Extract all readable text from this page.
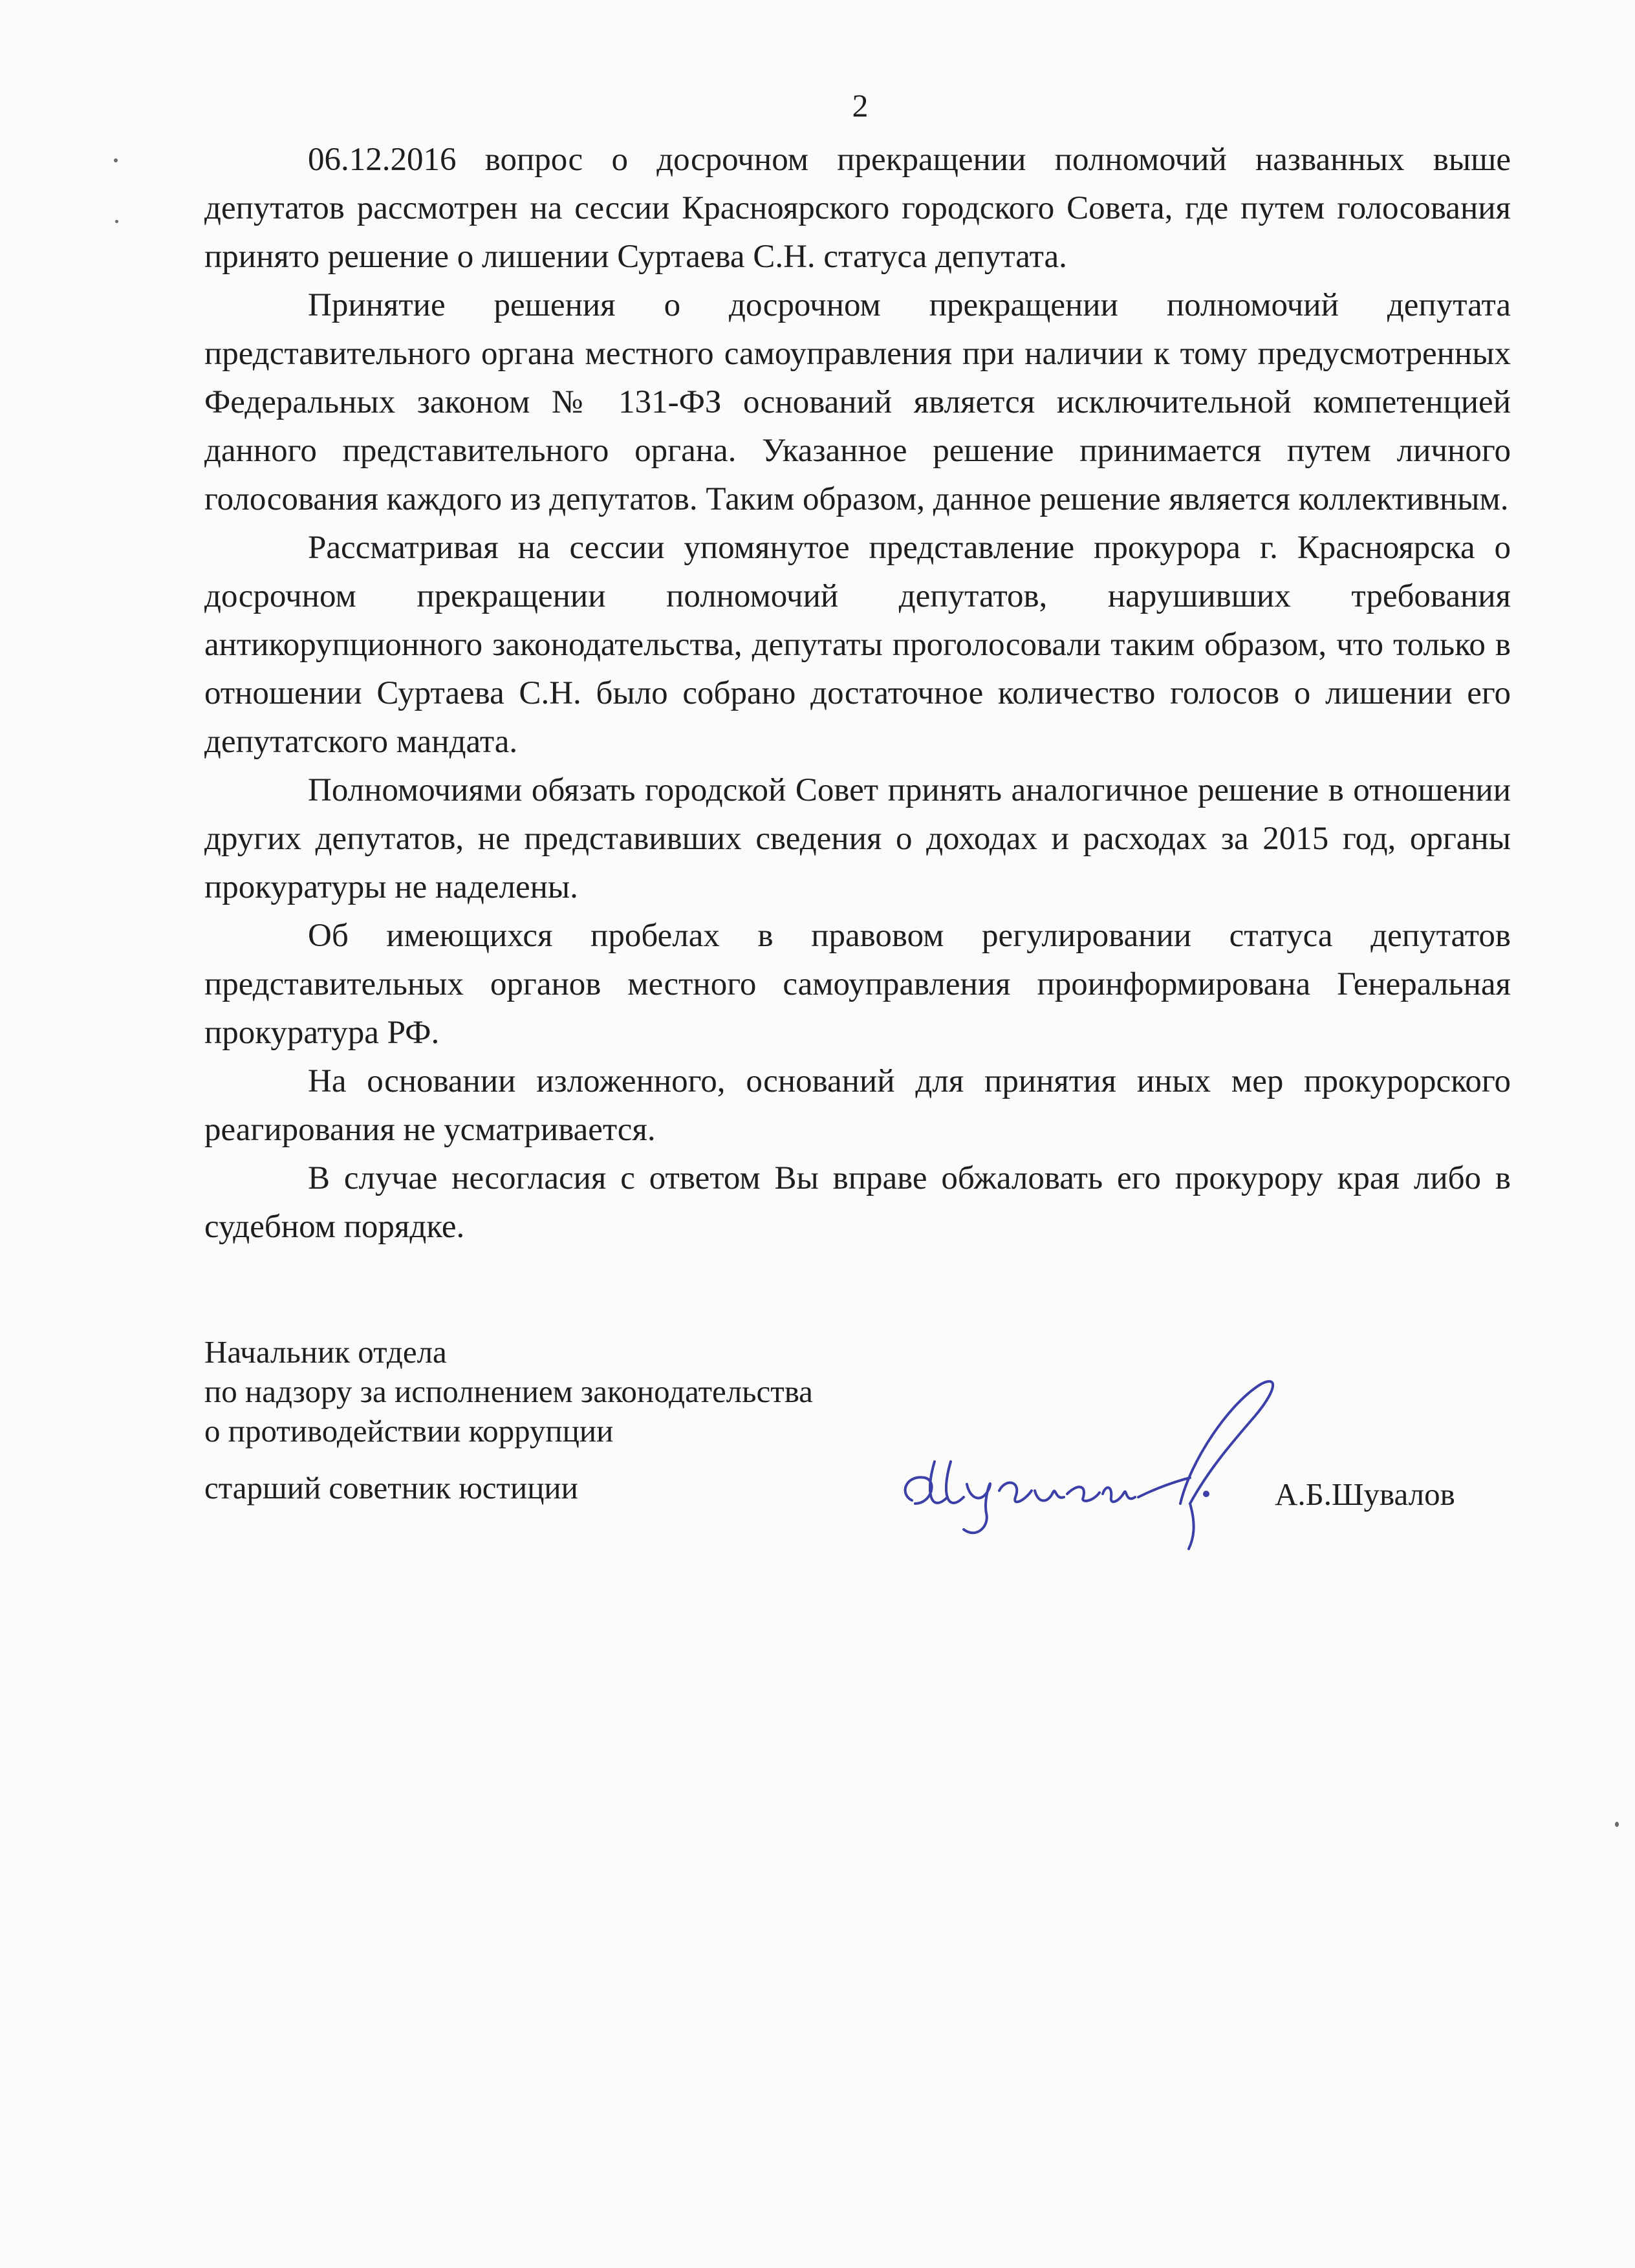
2

06.12.2016 вопрос о досрочном прекращении полномочий названных выше депутатов рассмотрен на сессии Красноярского городского Совета, где путем голосования принято решение о лишении Суртаева С.Н. статуса депутата.

Принятие решения о досрочном прекращении полномочий депутата представительного органа местного самоуправления при наличии к тому предусмотренных Федеральных законом № 131-ФЗ оснований является исключительной компетенцией данного представительного органа. Указанное решение принимается путем личного голосования каждого из депутатов. Таким образом, данное решение является коллективным.

Рассматривая на сессии упомянутое представление прокурора г. Красноярска о досрочном прекращении полномочий депутатов, нарушивших требования антикорупционного законодательства, депутаты проголосовали таким образом, что только в отношении Суртаева С.Н. было собрано достаточное количество голосов о лишении его депутатского мандата.

Полномочиями обязать городской Совет принять аналогичное решение в отношении других депутатов, не представивших сведения о доходах и расходах за 2015 год, органы прокуратуры не наделены.

Об имеющихся пробелах в правовом регулировании статуса депутатов представительных органов местного самоуправления проинформирована Генеральная прокуратура РФ.

На основании изложенного, оснований для принятия иных мер прокурорского реагирования не усматривается.

В случае несогласия с ответом Вы вправе обжаловать его прокурору края либо в судебном порядке.

Начальник отдела
по надзору за исполнением законодательства
о противодействии коррупции
старший советник юстиции	А.Б.Шувалов
